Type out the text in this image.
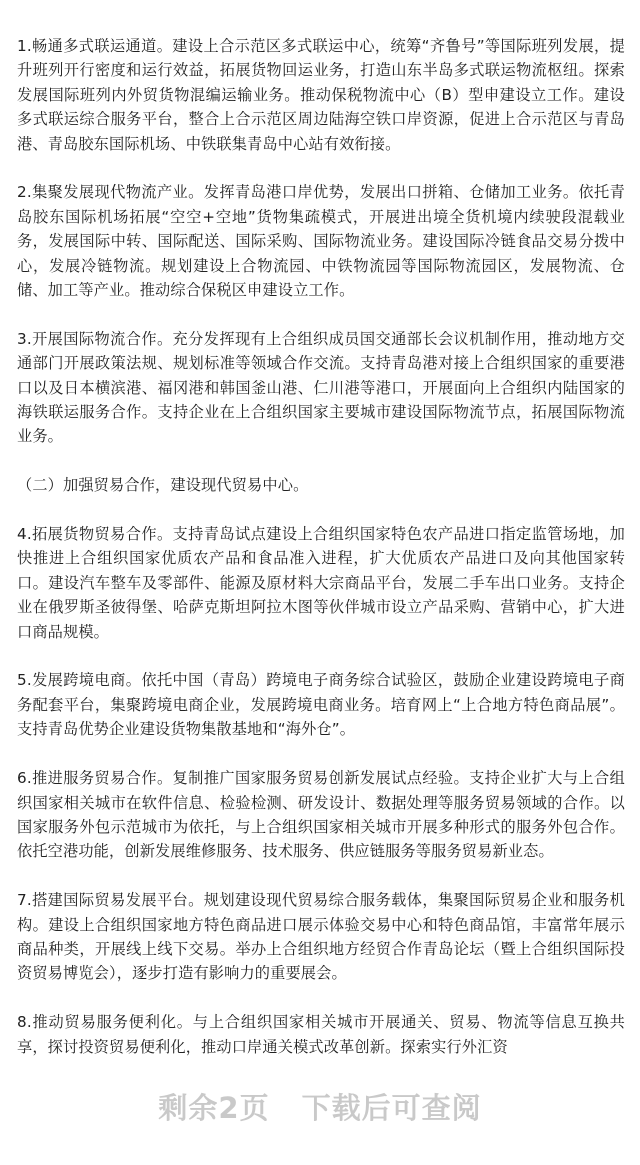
1.畅通多式联运通道。建设上合示范区多式联运中心，统筹“齐鲁号”等国际班列发展，提升班列开行密度和运行效益，拓展货物回运业务，打造山东半岛多式联运物流枢纽。探索发展国际班列内外贸货物混编运输业务。推动保税物流中心（B）型申建设立工作。建设多式联运综合服务平台，整合上合示范区周边陆海空铁口岸资源，促进上合示范区与青岛港、青岛胶东国际机场、中铁联集青岛中心站有效衔接。

2.集聚发展现代物流产业。发挥青岛港口岸优势，发展出口拼箱、仓储加工业务。依托青岛胶东国际机场拓展“空空+空地”货物集疏模式，开展进出境全货机境内续驶段混载业务，发展国际中转、国际配送、国际采购、国际物流业务。建设国际冷链食品交易分拨中心，发展冷链物流。规划建设上合物流园、中铁物流园等国际物流园区，发展物流、仓储、加工等产业。推动综合保税区申建设立工作。

3.开展国际物流合作。充分发挥现有上合组织成员国交通部长会议机制作用，推动地方交通部门开展政策法规、规划标准等领域合作交流。支持青岛港对接上合组织国家的重要港口以及日本横滨港、福冈港和韩国釜山港、仁川港等港口，开展面向上合组织内陆国家的海铁联运服务合作。支持企业在上合组织国家主要城市建设国际物流节点，拓展国际物流业务。

（二）加强贸易合作，建设现代贸易中心。

4.拓展货物贸易合作。支持青岛试点建设上合组织国家特色农产品进口指定监管场地，加快推进上合组织国家优质农产品和食品准入进程，扩大优质农产品进口及向其他国家转口。建设汽车整车及零部件、能源及原材料大宗商品平台，发展二手车出口业务。支持企业在俄罗斯圣彼得堡、哈萨克斯坦阿拉木图等伙伴城市设立产品采购、营销中心，扩大进口商品规模。

5.发展跨境电商。依托中国（青岛）跨境电子商务综合试验区，鼓励企业建设跨境电子商务配套平台，集聚跨境电商企业，发展跨境电商业务。培育网上“上合地方特色商品展”。支持青岛优势企业建设货物集散基地和“海外仓”。

6.推进服务贸易合作。复制推广国家服务贸易创新发展试点经验。支持企业扩大与上合组织国家相关城市在软件信息、检验检测、研发设计、数据处理等服务贸易领域的合作。以国家服务外包示范城市为依托，与上合组织国家相关城市开展多种形式的服务外包合作。依托空港功能，创新发展维修服务、技术服务、供应链服务等服务贸易新业态。

7.搭建国际贸易发展平台。规划建设现代贸易综合服务载体，集聚国际贸易企业和服务机构。建设上合组织国家地方特色商品进口展示体验交易中心和特色商品馆，丰富常年展示商品种类，开展线上线下交易。举办上合组织地方经贸合作青岛论坛（暨上合组织国际投资贸易博览会），逐步打造有影响力的重要展会。

8.推动贸易服务便利化。与上合组织国家相关城市开展通关、贸易、物流等信息互换共享，探讨投资贸易便利化，推动口岸通关模式改革创新。探索实行外汇资

剩余2页 下载后可查阅
